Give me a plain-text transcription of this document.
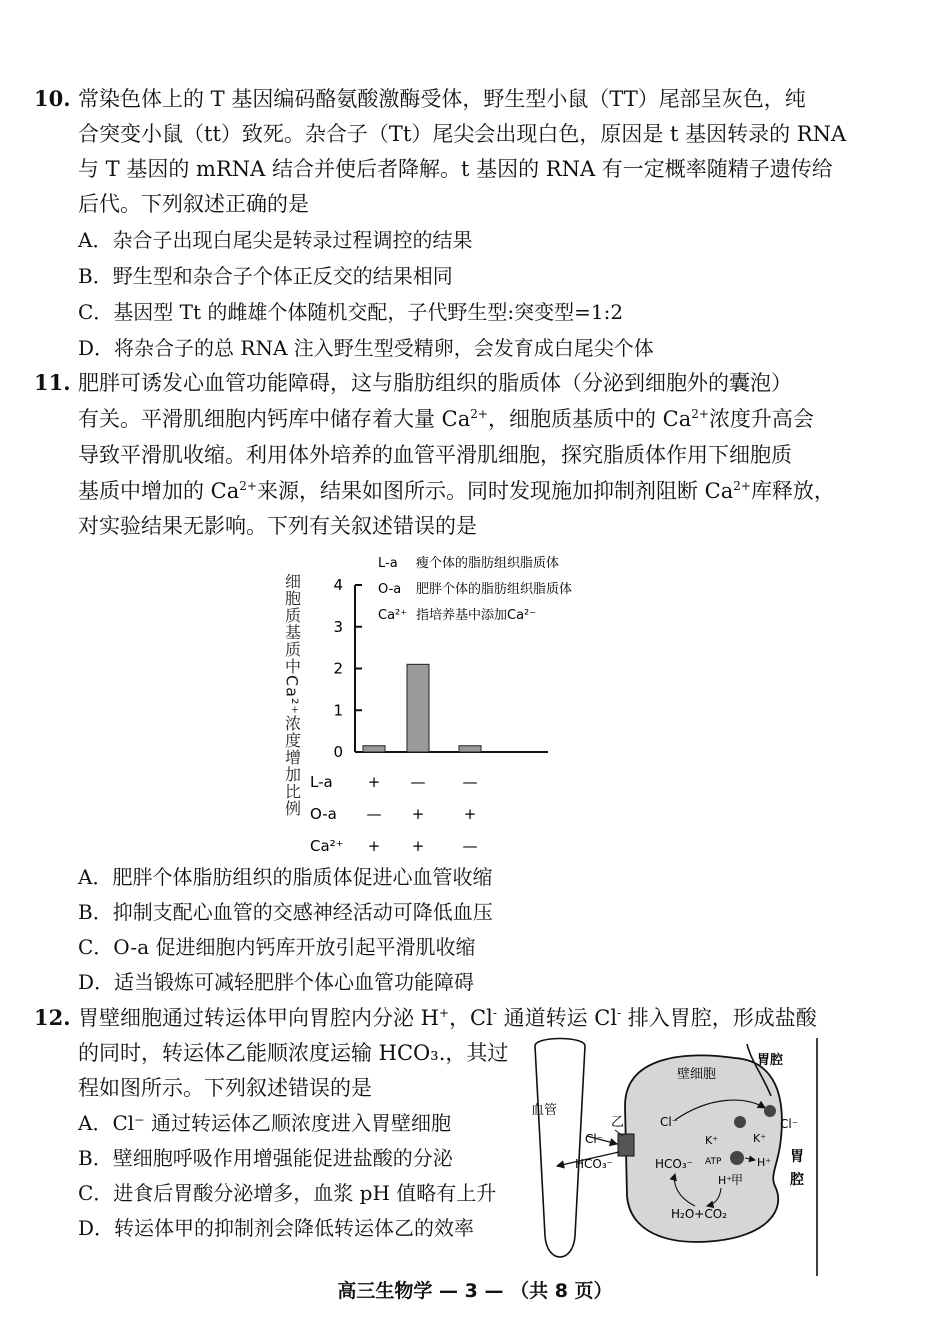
10. 常染色体上的 T 基因编码酪氨酸激酶受体，野生型小鼠（TT）尾部呈灰色，纯
合突变小鼠（tt）致死。杂合子（Tt）尾尖会出现白色，原因是 t 基因转录的 RNA
与 T 基因的 mRNA 结合并使后者降解。t 基因的 RNA 有一定概率随精子遗传给
后代。下列叙述正确的是
A．杂合子出现白尾尖是转录过程调控的结果
B．野生型和杂合子个体正反交的结果相同
C．基因型 Tt 的雌雄个体随机交配，子代野生型:突变型=1:2
D．将杂合子的总 RNA 注入野生型受精卵，会发育成白尾尖个体
11. 肥胖可诱发心血管功能障碍，这与脂肪组织的脂质体（分泌到细胞外的囊泡）
有关。平滑肌细胞内钙库中储存着大量 $Ca^{2+}$，细胞质基质中的 $Ca^{2+}$浓度升高会
导致平滑肌收缩。利用体外培养的血管平滑肌细胞，探究脂质体作用下细胞质
基质中增加的 $Ca^{2+}$来源，结果如图所示。同时发现施加抑制剂阻断 $Ca^{2+}$库释放，
对实验结果无影响。下列有关叙述错误的是
细胞质基质中Ca²⁺浓度增加比例 0
1
2
3
4
L-a 瘦个体的脂肪组织脂质体
O-a 肥胖个体的脂肪组织脂质体
Ca²⁺ 指培养基中添加Ca²⁻
L-a + — —
O-a — +	+
Ca²⁺ + +	—
A．肥胖个体脂肪组织的脂质体促进心血管收缩
B．抑制支配心血管的交感神经活动可降低血压
C．O-a 促进细胞内钙库开放引起平滑肌收缩
D．适当锻炼可减轻肥胖个体心血管功能障碍
12. 胃壁细胞通过转运体甲向胃腔内分泌 H+，Cl- 通道转运 Cl- 排入胃腔，形成盐酸
的同时，转运体乙能顺浓度运输 HCO₃.，其过
程如图所示。下列叙述错误的是
A．Cl⁻ 通过转运体乙顺浓度进入胃壁细胞
B．壁细胞呼吸作用增强能促进盐酸的分泌
C．进食后胃酸分泌增多，血浆 pH 值略有上升
D．转运体甲的抑制剂会降低转运体乙的效率
血管
壁细胞
胃腔
胃
腔
乙
Cl⁻
HCO₃⁻
Cl⁻
HCO₃⁻
Cl⁻
K⁺	K⁺
ATP	H⁺
H⁺
甲
H₂O+CO₂
高三生物学 — 3 — （共 8 页）
